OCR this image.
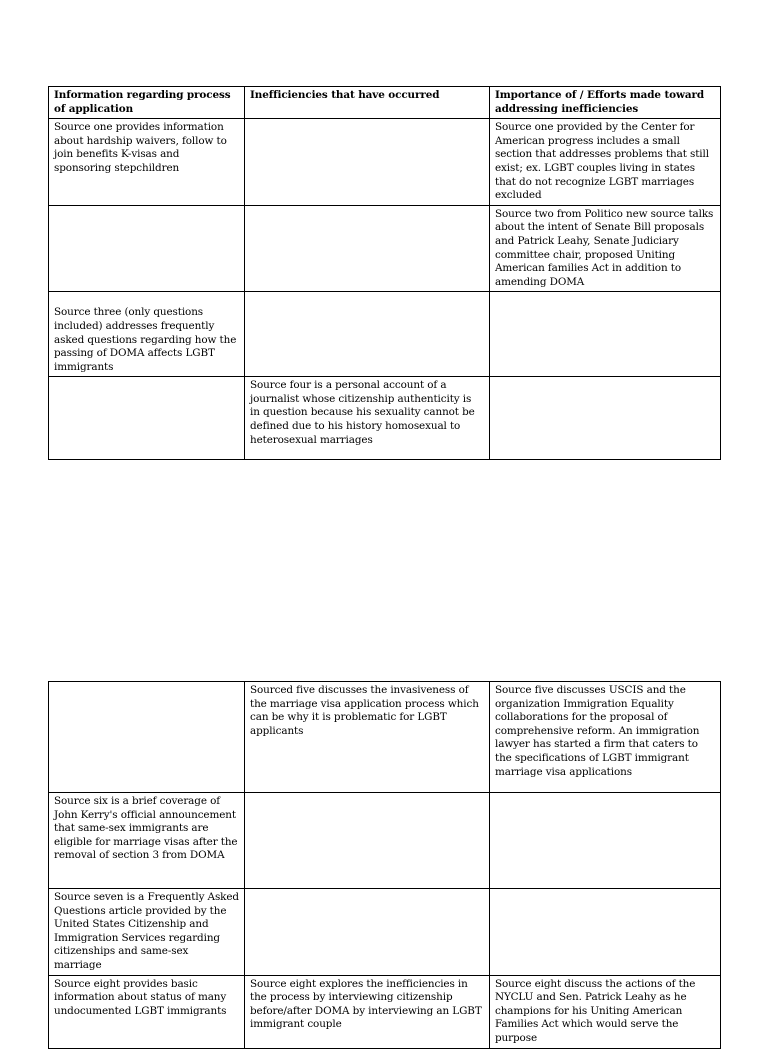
Information regarding process of application	Inefficiencies that have occurred	Importance of / Efforts made toward addressing inefficiencies
Source one provides information about hardship waivers, follow to join benefits K-visas and sponsoring stepchildren		Source one provided by the Center for American progress includes a small section that addresses problems that still exist; ex. LGBT couples living in states that do not recognize LGBT marriages excluded
		Source two from Politico new source talks about the intent of Senate Bill proposals and Patrick Leahy, Senate Judiciary committee chair, proposed Uniting American families Act in addition to amending DOMA
Source three (only questions included) addresses frequently asked questions regarding how the passing of DOMA affects LGBT immigrants		
	Source four is a personal account of a journalist whose citizenship authenticity is in question because his sexuality cannot be defined due to his history homosexual to heterosexual marriages	
	Sourced five discusses the invasiveness of the marriage visa application process which can be why it is problematic for LGBT applicants	Source five discusses USCIS and the organization Immigration Equality collaborations for the proposal of comprehensive reform. An immigration lawyer has started a firm that caters to the specifications of LGBT immigrant marriage visa applications
Source six is a brief coverage of John Kerry's official announcement that same-sex immigrants are eligible for marriage visas after the removal of section 3 from DOMA		
Source seven is a Frequently Asked Questions article provided by the United States Citizenship and Immigration Services regarding citizenships and same-sex marriage		
Source eight provides basic information about status of many undocumented LGBT immigrants	Source eight explores the inefficiencies in the process by interviewing citizenship before/after DOMA by interviewing an LGBT immigrant couple	Source eight discuss the actions of the NYCLU and Sen. Patrick Leahy as he champions for his Uniting American Families Act which would serve the purpose
